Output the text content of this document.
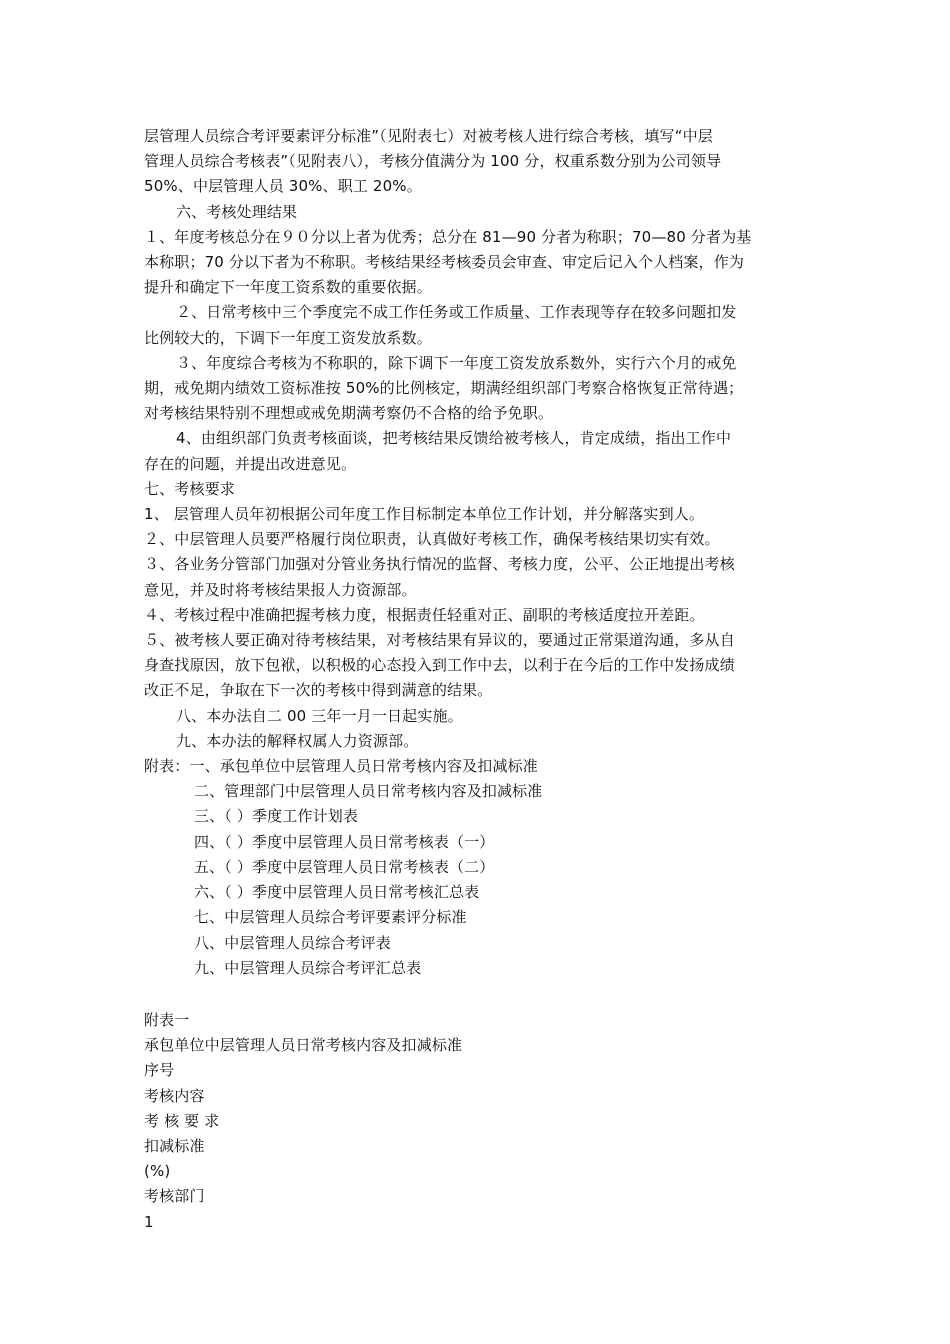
层管理人员综合考评要素评分标准”（见附表七）对被考核人进行综合考核，填写“中层
管理人员综合考核表”（见附表八），考核分值满分为 100 分，权重系数分别为公司领导
50%、中层管理人员 30%、职工 20%。
六、考核处理结果
１、年度考核总分在９０分以上者为优秀；总分在 81—90 分者为称职；70—80 分者为基
本称职；70 分以下者为不称职。考核结果经考核委员会审查、审定后记入个人档案，作为
提升和确定下一年度工资系数的重要依据。
２、日常考核中三个季度完不成工作任务或工作质量、工作表现等存在较多问题扣发
比例较大的，下调下一年度工资发放系数。
３、年度综合考核为不称职的，除下调下一年度工资发放系数外，实行六个月的戒免
期，戒免期内绩效工资标准按 50%的比例核定，期满经组织部门考察合格恢复正常待遇；
对考核结果特别不理想或戒免期满考察仍不合格的给予免职。
4、由组织部门负责考核面谈，把考核结果反馈给被考核人，肯定成绩，指出工作中
存在的问题，并提出改进意见。
七、考核要求
1、 层管理人员年初根据公司年度工作目标制定本单位工作计划，并分解落实到人。
２、中层管理人员要严格履行岗位职责，认真做好考核工作，确保考核结果切实有效。
３、各业务分管部门加强对分管业务执行情况的监督、考核力度，公平、公正地提出考核
意见，并及时将考核结果报人力资源部。
４、考核过程中准确把握考核力度，根据责任轻重对正、副职的考核适度拉开差距。
５、被考核人要正确对待考核结果，对考核结果有异议的，要通过正常渠道沟通，多从自
身查找原因，放下包袱，以积极的心态投入到工作中去，以利于在今后的工作中发扬成绩
改正不足，争取在下一次的考核中得到满意的结果。
八、本办法自二 00 三年一月一日起实施。
九、本办法的解释权属人力资源部。
附表：一、承包单位中层管理人员日常考核内容及扣减标准
二、管理部门中层管理人员日常考核内容及扣减标准
三、（ ）季度工作计划表
四、（ ）季度中层管理人员日常考核表（一）
五、（ ）季度中层管理人员日常考核表（二）
六、（ ）季度中层管理人员日常考核汇总表
七、中层管理人员综合考评要素评分标准
八、中层管理人员综合考评表
九、中层管理人员综合考评汇总表
附表一
承包单位中层管理人员日常考核内容及扣减标准
序号
考核内容
考 核 要 求
扣减标准
(%)
考核部门
1
